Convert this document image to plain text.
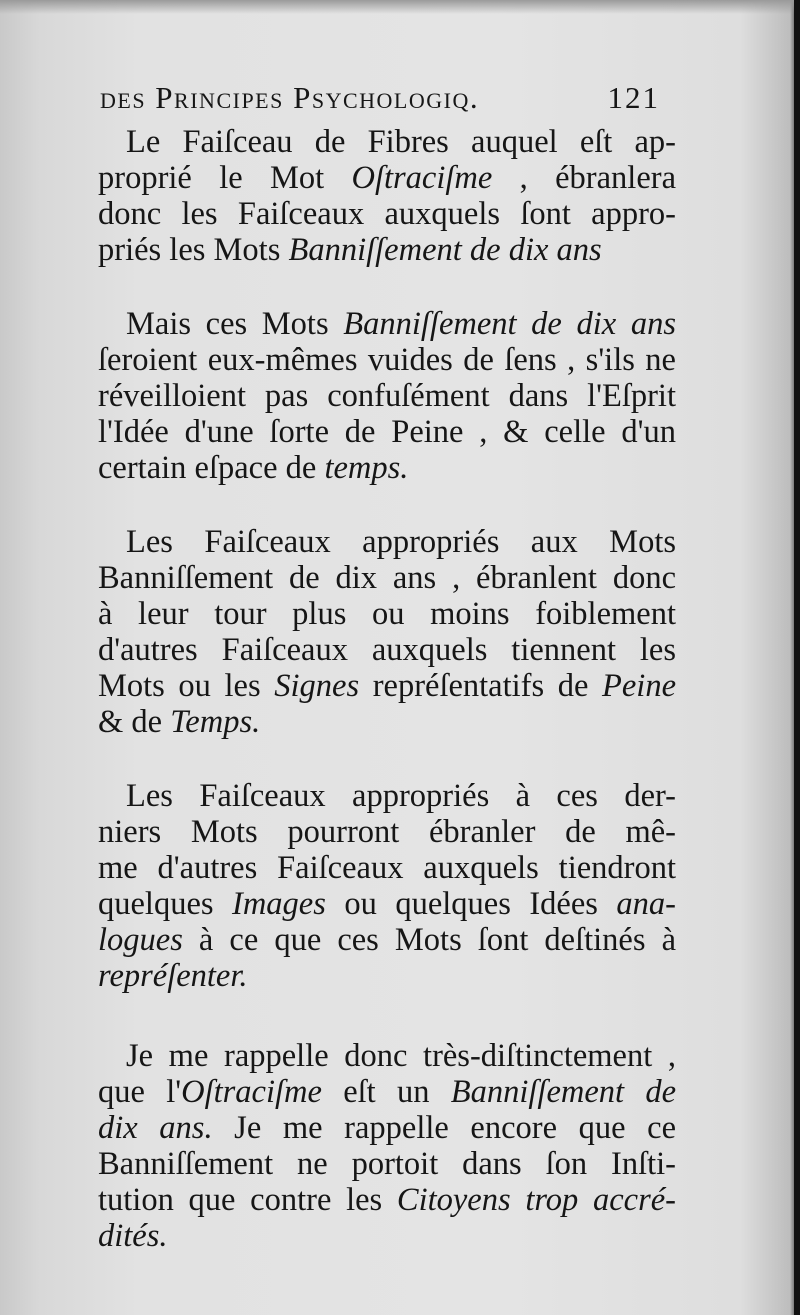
des Principes Psychologiq.	121
Le Faiſceau de Fibres auquel eſt ap-
proprié le Mot Oſtraciſme , ébranlera
donc les Faiſceaux auxquels ſont appro-
priés les Mots Banniſſement de dix ans
Mais ces Mots Banniſſement de dix ans
ſeroient eux-mêmes vuides de ſens , s'ils ne
réveilloient pas confuſément dans l'Eſprit
l'Idée d'une ſorte de Peine , & celle d'un
certain eſpace de temps.
Les Faiſceaux appropriés aux Mots
Banniſſement de dix ans , ébranlent donc
à leur tour plus ou moins foiblement
d'autres Faiſceaux auxquels tiennent les
Mots ou les Signes repréſentatifs de Peine
& de Temps.
Les Faiſceaux appropriés à ces der-
niers Mots pourront ébranler de mê-
me d'autres Faiſceaux auxquels tiendront
quelques Images ou quelques Idées ana-
logues à ce que ces Mots ſont deſtinés à
repréſenter.
Je me rappelle donc très-diſtinctement ,
que l'Oſtraciſme eſt un Banniſſement de
dix ans. Je me rappelle encore que ce
Banniſſement ne portoit dans ſon Inſti-
tution que contre les Citoyens trop accré-
dités.
